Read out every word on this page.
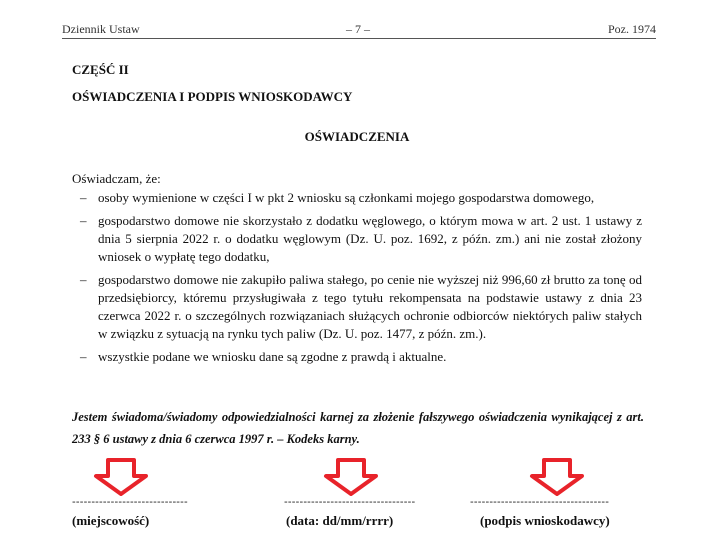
Dziennik Ustaw	– 7 –	Poz. 1974
CZĘŚĆ II
OŚWIADCZENIA I PODPIS WNIOSKODAWCY
OŚWIADCZENIA
Oświadczam, że:
– osoby wymienione w części I w pkt 2 wniosku są członkami mojego gospodarstwa domowego,
– gospodarstwo domowe nie skorzystało z dodatku węglowego, o którym mowa w art. 2 ust. 1 ustawy z dnia 5 sierpnia 2022 r. o dodatku węglowym (Dz. U. poz. 1692, z późn. zm.) ani nie został złożony wniosek o wypłatę tego dodatku,
– gospodarstwo domowe nie zakupiło paliwa stałego, po cenie nie wyższej niż 996,60 zł brutto za tonę od przedsiębiorcy, któremu przysługiwała z tego tytułu rekompensata na podstawie ustawy z dnia 23 czerwca 2022 r. o szczególnych rozwiązaniach służących ochronie odbiorców niektórych paliw stałych w związku z sytuacją na rynku tych paliw (Dz. U. poz. 1477, z późn. zm.).
– wszystkie podane we wniosku dane są zgodne z prawdą i aktualne.
Jestem świadoma/świadomy odpowiedzialności karnej za złożenie fałszywego oświadczenia wynikającej z art. 233 § 6 ustawy z dnia 6 czerwca 1997 r. – Kodeks karny.
------------------------------	----------------------------------	------------------------------------
(miejscowość)	(data: dd/mm/rrrr)	(podpis wnioskodawcy)
